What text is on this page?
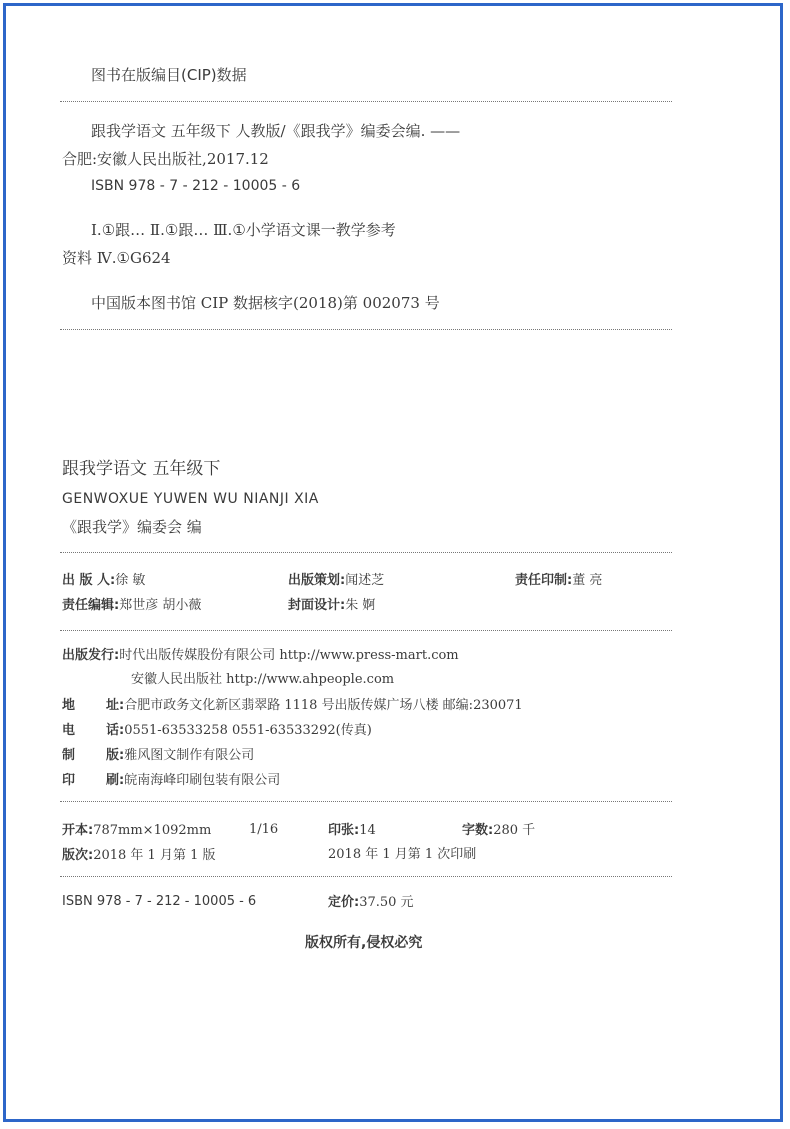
图书在版编目(CIP)数据
跟我学语文 五年级下 人教版/《跟我学》编委会编. ——
合肥:安徽人民出版社,2017.12
ISBN 978 - 7 - 212 - 10005 - 6
Ⅰ.①跟… Ⅱ.①跟… Ⅲ.①小学语文课一教学参考
资料 Ⅳ.①G624
中国版本图书馆 CIP 数据核字(2018)第 002073 号
跟我学语文 五年级下
GENWOXUE YUWEN WU NIANJI XIA
《跟我学》编委会 编
出 版 人:徐 敏	出版策划:闻述芝	责任印制:董 亮
责任编辑:郑世彦 胡小薇	封面设计:朱 婀
出版发行:时代出版传媒股份有限公司 http://www.press-mart.com
安徽人民出版社 http://www.ahpeople.com
地 址:合肥市政务文化新区翡翠路 1118 号出版传媒广场八楼 邮编:230071
电 话:0551-63533258 0551-63533292(传真)
制 版:雅风图文制作有限公司
印 刷:皖南海峰印刷包装有限公司
开本:787mm×1092mm	1/16	印张:14	字数:280 千
版次:2018 年 1 月第 1 版	2018 年 1 月第 1 次印刷
ISBN 978 - 7 - 212 - 10005 - 6	定价:37.50 元
版权所有,侵权必究
